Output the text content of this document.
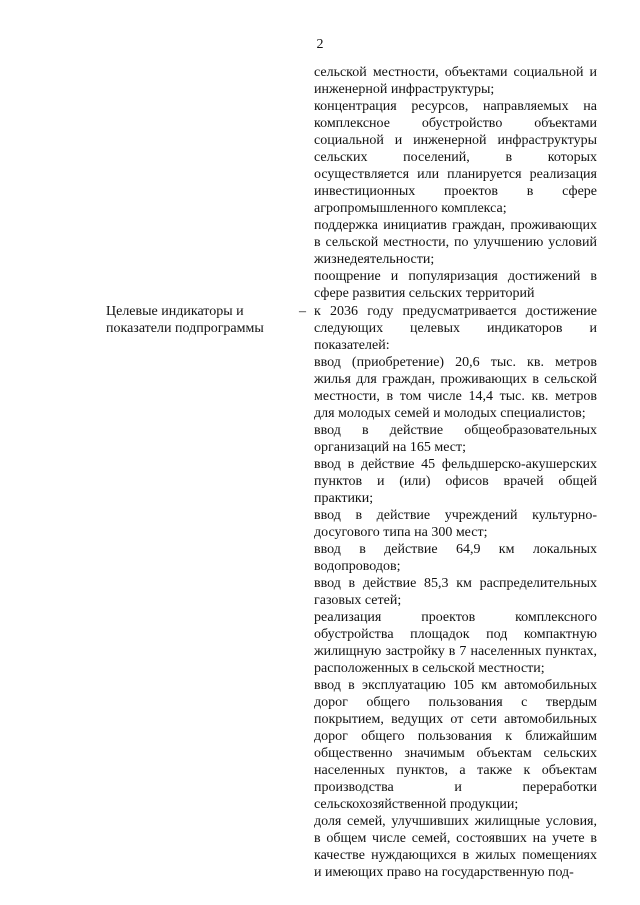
2

сельской местности, объектами социальной и инженерной инфраструктуры;

концентрация ресурсов, направляемых на комплексное обустройство объектами социальной и инженерной инфраструктуры сельских поселений, в которых осуществляется или планируется реализация инвестиционных проектов в сфере агропромышленного комплекса;

поддержка инициатив граждан, проживающих в сельской местности, по улучшению условий жизнедеятельности;

поощрение и популяризация достижений в сфере развития сельских территорий

Целевые индикаторы и показатели подпрограммы
– к 2036 году предусматривается достижение следующих целевых индикаторов и показателей:

ввод (приобретение) 20,6 тыс. кв. метров жилья для граждан, проживающих в сельской местности, в том числе 14,4 тыс. кв. метров для молодых семей и молодых специалистов;

ввод в действие общеобразовательных организаций на 165 мест;

ввод в действие 45 фельдшерско-акушерских пунктов и (или) офисов врачей общей практики;

ввод в действие учреждений культурно-досугового типа на 300 мест;

ввод в действие 64,9 км локальных водопроводов;

ввод в действие 85,3 км распределительных газовых сетей;

реализация проектов комплексного обустройства площадок под компактную жилищную застройку в 7 населенных пунктах, расположенных в сельской местности;

ввод в эксплуатацию 105 км автомобильных дорог общего пользования с твердым покрытием, ведущих от сети автомобильных дорог общего пользования к ближайшим общественно значимым объектам сельских населенных пунктов, а также к объектам производства и переработки сельскохозяйственной продукции;

доля семей, улучшивших жилищные условия, в общем числе семей, состоявших на учете в качестве нуждающихся в жилых помещениях и имеющих право на государственную под-
